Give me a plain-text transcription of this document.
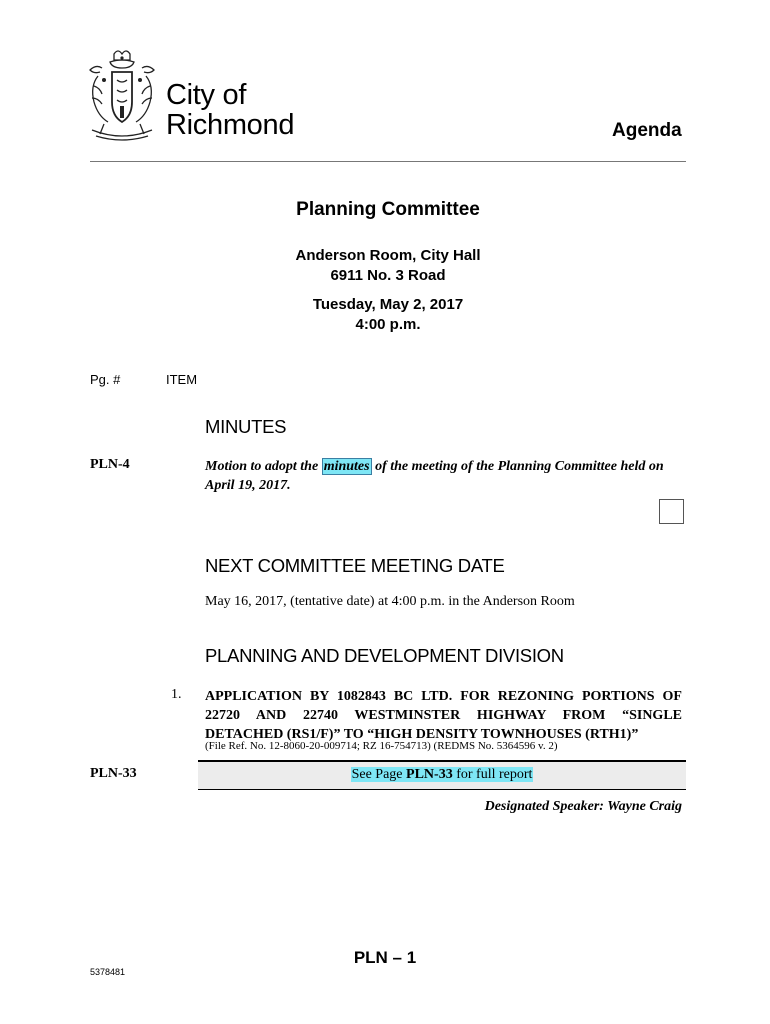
City of
Richmond	Agenda
Planning Committee
Anderson Room, City Hall
6911 No. 3 Road
Tuesday, May 2, 2017
4:00 p.m.
Pg. #	ITEM
MINUTES
PLN-4	Motion to adopt the minutes of the meeting of the Planning Committee held on April 19, 2017.
NEXT COMMITTEE MEETING DATE
May 16, 2017, (tentative date) at 4:00 p.m. in the Anderson Room
PLANNING AND DEVELOPMENT DIVISION
1. APPLICATION BY 1082843 BC LTD. FOR REZONING PORTIONS OF 22720 AND 22740 WESTMINSTER HIGHWAY FROM “SINGLE DETACHED (RS1/F)” TO “HIGH DENSITY TOWNHOUSES (RTH1)”
(File Ref. No. 12-8060-20-009714; RZ 16-754713) (REDMS No. 5364596 v. 2)
PLN-33	See Page PLN-33 for full report
Designated Speaker: Wayne Craig
PLN – 1
5378481
